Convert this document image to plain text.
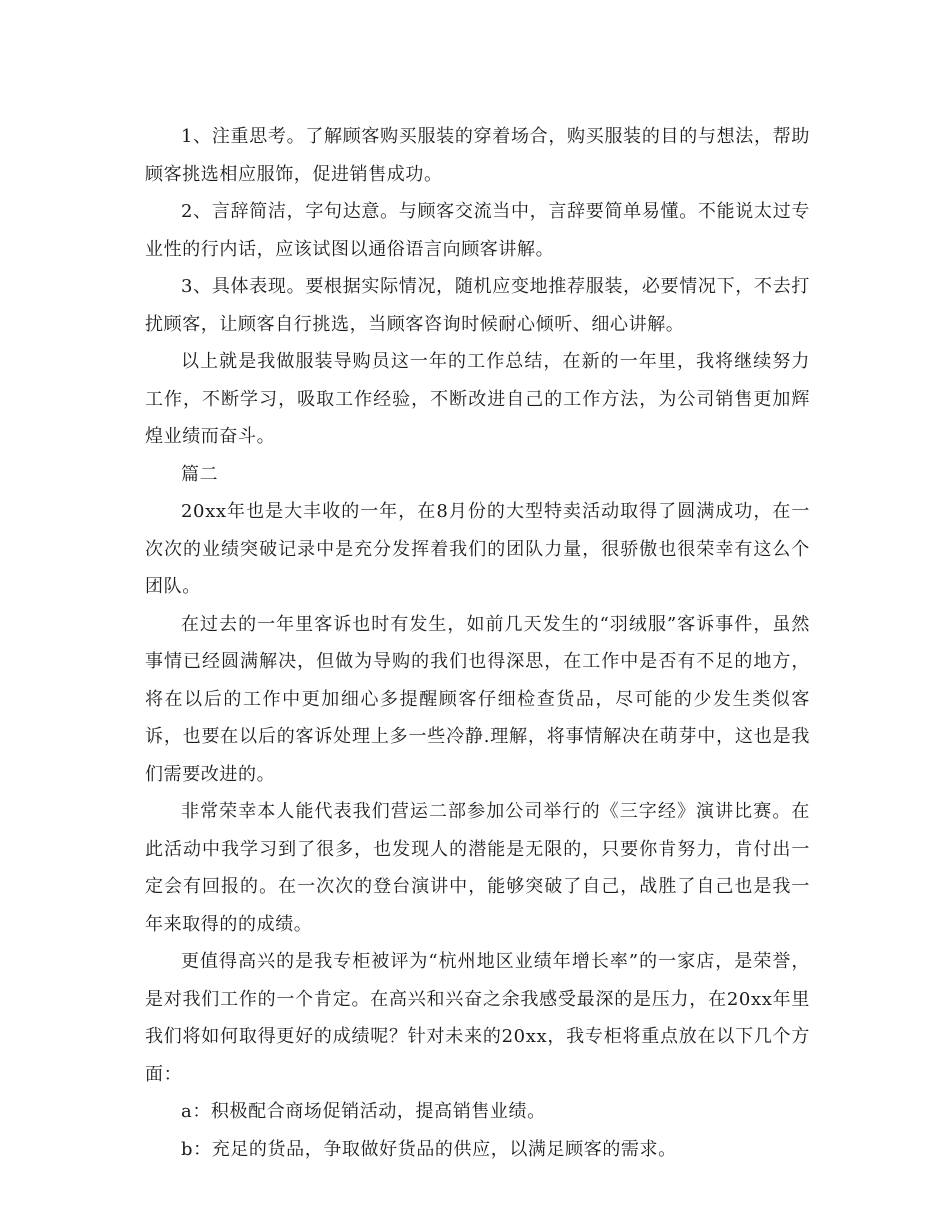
1、注重思考。了解顾客购买服装的穿着场合，购买服装的目的与想法，帮助顾客挑选相应服饰，促进销售成功。

2、言辞简洁，字句达意。与顾客交流当中，言辞要简单易懂。不能说太过专业性的行内话，应该试图以通俗语言向顾客讲解。

3、具体表现。要根据实际情况，随机应变地推荐服装，必要情况下，不去打扰顾客，让顾客自行挑选，当顾客咨询时候耐心倾听、细心讲解。

以上就是我做服装导购员这一年的工作总结，在新的一年里，我将继续努力工作，不断学习，吸取工作经验，不断改进自己的工作方法，为公司销售更加辉煌业绩而奋斗。

篇二

20xx年也是大丰收的一年，在8月份的大型特卖活动取得了圆满成功，在一次次的业绩突破记录中是充分发挥着我们的团队力量，很骄傲也很荣幸有这么个团队。

在过去的一年里客诉也时有发生，如前几天发生的“羽绒服”客诉事件，虽然事情已经圆满解决，但做为导购的我们也得深思，在工作中是否有不足的地方，将在以后的工作中更加细心多提醒顾客仔细检查货品，尽可能的少发生类似客诉，也要在以后的客诉处理上多一些冷静.理解，将事情解决在萌芽中，这也是我们需要改进的。

非常荣幸本人能代表我们营运二部参加公司举行的《三字经》演讲比赛。在此活动中我学习到了很多，也发现人的潜能是无限的，只要你肯努力，肯付出一定会有回报的。在一次次的登台演讲中，能够突破了自己，战胜了自己也是我一年来取得的的成绩。

更值得高兴的是我专柜被评为“杭州地区业绩年增长率”的一家店，是荣誉，是对我们工作的一个肯定。在高兴和兴奋之余我感受最深的是压力，在20xx年里我们将如何取得更好的成绩呢？针对未来的20xx，我专柜将重点放在以下几个方面：

a：积极配合商场促销活动，提高销售业绩。

b：充足的货品，争取做好货品的供应，以满足顾客的需求。
